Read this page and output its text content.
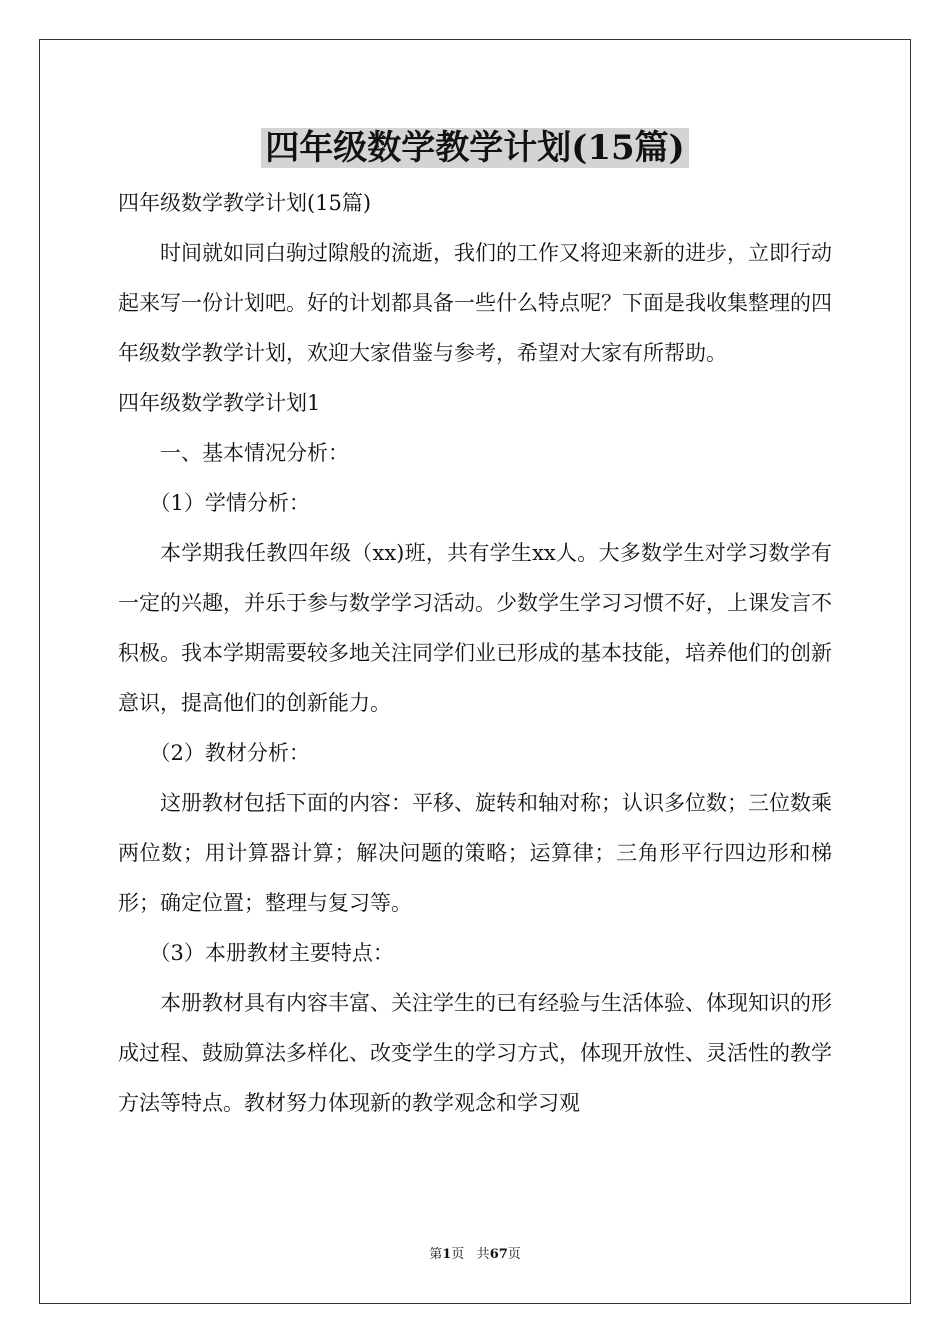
四年级数学教学计划(15篇)

四年级数学教学计划(15篇)

时间就如同白驹过隙般的流逝，我们的工作又将迎来新的进步，立即行动起来写一份计划吧。好的计划都具备一些什么特点呢？下面是我收集整理的四年级数学教学计划，欢迎大家借鉴与参考，希望对大家有所帮助。

四年级数学教学计划1

一、基本情况分析：

（1）学情分析：

本学期我任教四年级（xx)班，共有学生xx人。大多数学生对学习数学有一定的兴趣，并乐于参与数学学习活动。少数学生学习习惯不好，上课发言不积极。我本学期需要较多地关注同学们业已形成的基本技能，培养他们的创新意识，提高他们的创新能力。

（2）教材分析：

这册教材包括下面的内容：平移、旋转和轴对称；认识多位数；三位数乘两位数；用计算器计算；解决问题的策略；运算律；三角形平行四边形和梯形；确定位置；整理与复习等。

（3）本册教材主要特点：

本册教材具有内容丰富、关注学生的已有经验与生活体验、体现知识的形成过程、鼓励算法多样化、改变学生的学习方式，体现开放性、灵活性的教学方法等特点。教材努力体现新的教学观念和学习观

第1页 共67页
